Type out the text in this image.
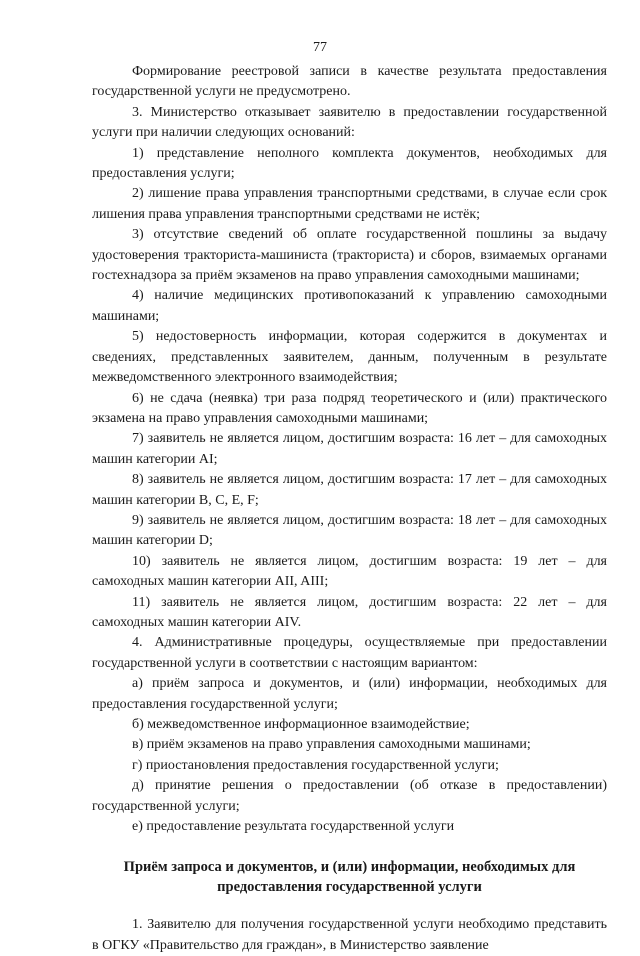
77

Формирование реестровой записи в качестве результата предоставления государственной услуги не предусмотрено.

3. Министерство отказывает заявителю в предоставлении государственной услуги при наличии следующих оснований:

1) представление неполного комплекта документов, необходимых для предоставления услуги;

2) лишение права управления транспортными средствами, в случае если срок лишения права управления транспортными средствами не истёк;

3) отсутствие сведений об оплате государственной пошлины за выдачу удостоверения тракториста-машиниста (тракториста) и сборов, взимаемых органами гостехнадзора за приём экзаменов на право управления самоходными машинами;

4) наличие медицинских противопоказаний к управлению самоходными машинами;

5) недостоверность информации, которая содержится в документах и сведениях, представленных заявителем, данным, полученным в результате межведомственного электронного взаимодействия;

6) не сдача (неявка) три раза подряд теоретического и (или) практического экзамена на право управления самоходными машинами;

7) заявитель не является лицом, достигшим возраста: 16 лет – для самоходных машин категории AI;

8) заявитель не является лицом, достигшим возраста: 17 лет – для самоходных машин категории B, C, E, F;

9) заявитель не является лицом, достигшим возраста: 18 лет – для самоходных машин категории D;

10) заявитель не является лицом, достигшим возраста: 19 лет – для самоходных машин категории AII, AIII;

11) заявитель не является лицом, достигшим возраста: 22 лет – для самоходных машин категории AIV.

4. Административные процедуры, осуществляемые при предоставлении государственной услуги в соответствии с настоящим вариантом:

а) приём запроса и документов, и (или) информации, необходимых для предоставления государственной услуги;

б) межведомственное информационное взаимодействие;

в) приём экзаменов на право управления самоходными машинами;

г) приостановления предоставления государственной услуги;

д) принятие решения о предоставлении (об отказе в предоставлении) государственной услуги;

е) предоставление результата государственной услуги

Приём запроса и документов, и (или) информации, необходимых для предоставления государственной услуги

1. Заявителю для получения государственной услуги необходимо представить в ОГКУ «Правительство для граждан», в Министерство заявление
